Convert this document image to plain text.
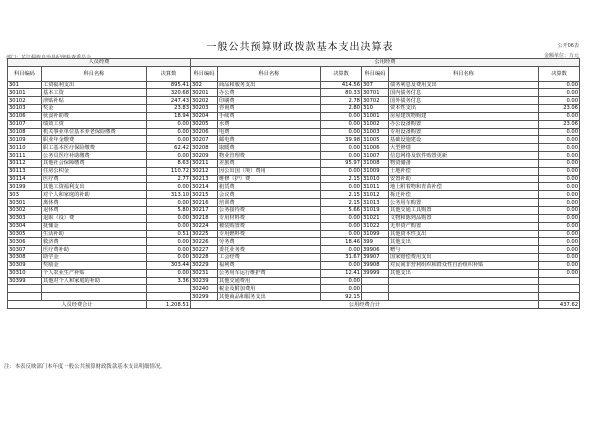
一般公共预算财政拨款基本支出决算表	公开06表
金额单位：万元
人员经费			公用经费					
科目编码	科目名称	决算数	科目编码	科目名称	决算数	科目编码	科目名称	决算数
301	工资福利支出	895.41	302	商品和服务支出	414.56	307	债务利息及费用支出	0.00
30101	基本工资	320.68	30201	办公费	80.33	30701	国内债务付息	0.00
30102	津贴补贴	247.43	30202	印刷费	2.78	30702	国外债务付息	0.00
30103	奖金	23.83	30203	咨询费	2.80	310	资本性支出	23.06
30106	伙食补助费	18.94	30204	手续费	0.00	31001	房屋建筑物购建	0.00
30107	绩效工资	0.00	30205	水费	0.00	31002	办公设备购置	23.06
30108	机关事业单位基本养老保险缴费	0.00	30206	电费	0.00	31003	专用设备购置	0.00
30109	职业年金缴费	0.00	30207	邮电费	39.98	31005	基础设施建设	0.00
30110	职工基本医疗保险缴费	62.42	30208	取暖费	0.00	31006	大型修缮	0.00
30111	公务员医疗补助缴费	0.00	30209	物业管理费	0.00	31007	信息网络及软件购置更新	0.00
30112	其他社会保障缴费	8.63	30211	差旅费	95.97	31008	物资储备	0.00
30113	住房公积金	110.72	30212	因公出国（境）费用	0.00	31009	土地补偿	0.00
30114	医疗费	2.77	30213	维修（护）费	2.15	31010	安置补助	0.00
30199	其他工资福利支出	0.00	30214	租赁费	0.00	31011	地上附着物和青苗补偿	0.00
303	对个人和家庭的补助	313.10	30215	会议费	2.15	31012	拆迁补偿	0.00
30301	离休费	0.00	30216	培训费	2.15	31013	公务用车购置	0.00
30302	退休费	5.80	30217	公务接待费	5.66	31019	其他交通工具购置	0.00
30303	退职（役）费	0.00	30218	专用材料费	0.00	31021	文物和陈列品购置	0.00
30304	抚恤金	0.00	30224	被装购置费	0.00	31022	无形资产购置	0.00
30305	生活补助	0.51	30225	专用燃料费	0.00	31099	其他资本性支出	0.00
30306	救济费	0.00	30226	劳务费	18.46	399	其他支出	0.00
30307	医疗费补助	0.00	30227	委托业务费	0.00	39906	赠与	0.00
30308	助学金	0.00	30228	工会经费	31.67	39907	国家赔偿费用支出	0.00
30309	奖励金	303.44	30229	福利费	0.00	39908	对民间非营利组织和群众性自治组织补贴	0.00
30310	个人农业生产补贴	0.00	30231	公务用车运行维护费	12.41	39999	其他支出	0.00
30399	其他对个人和家庭的补助	3.36	30239	其他交通费用	0.00			
			30240	税金及附加费用	0.00			
			30299	其他商品和服务支出	92.15			
人员经费合计		1,208.51	公用经费合计					437.62
注：本表反映部门本年度一般公共预算财政拨款基本支出明细情况。
